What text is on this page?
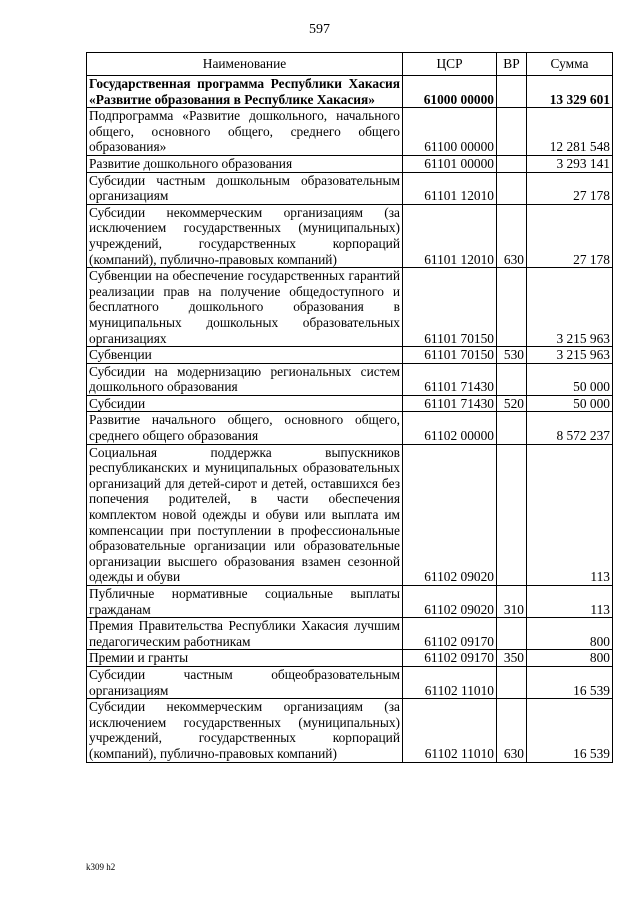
597
Наименование	ЦСР	ВР	Сумма
Государственная программа Республики Хакасия «Развитие образования в Республике Хакасия»	61000 00000		13 329 601
Подпрограмма «Развитие дошкольного, начального общего, основного общего, среднего общего образования»	61100 00000		12 281 548
Развитие дошкольного образования	61101 00000		3 293 141
Субсидии частным дошкольным образовательным организациям	61101 12010		27 178
Субсидии некоммерческим организациям (за исключением государственных (муниципальных) учреждений, государственных корпораций (компаний), публично-правовых компаний)	61101 12010	630	27 178
Субвенции на обеспечение государственных гарантий реализации прав на получение общедоступного и бесплатного дошкольного образования в муниципальных дошкольных образовательных организациях	61101 70150		3 215 963
Субвенции	61101 70150	530	3 215 963
Субсидии на модернизацию региональных систем дошкольного образования	61101 71430		50 000
Субсидии	61101 71430	520	50 000
Развитие начального общего, основного общего, среднего общего образования	61102 00000		8 572 237
Социальная поддержка выпускников республиканских и муниципальных образовательных организаций для детей-сирот и детей, оставшихся без попечения родителей, в части обеспечения комплектом новой одежды и обуви или выплата им компенсации при поступлении в профессиональные образовательные организации или образовательные организации высшего образования взамен сезонной одежды и обуви	61102 09020		113
Публичные нормативные социальные выплаты гражданам	61102 09020	310	113
Премия Правительства Республики Хакасия лучшим педагогическим работникам	61102 09170		800
Премии и гранты	61102 09170	350	800
Субсидии частным общеобразовательным организациям	61102 11010		16 539
Субсидии некоммерческим организациям (за исключением государственных (муниципальных) учреждений, государственных корпораций (компаний), публично-правовых компаний)	61102 11010	630	16 539
k309 h2
